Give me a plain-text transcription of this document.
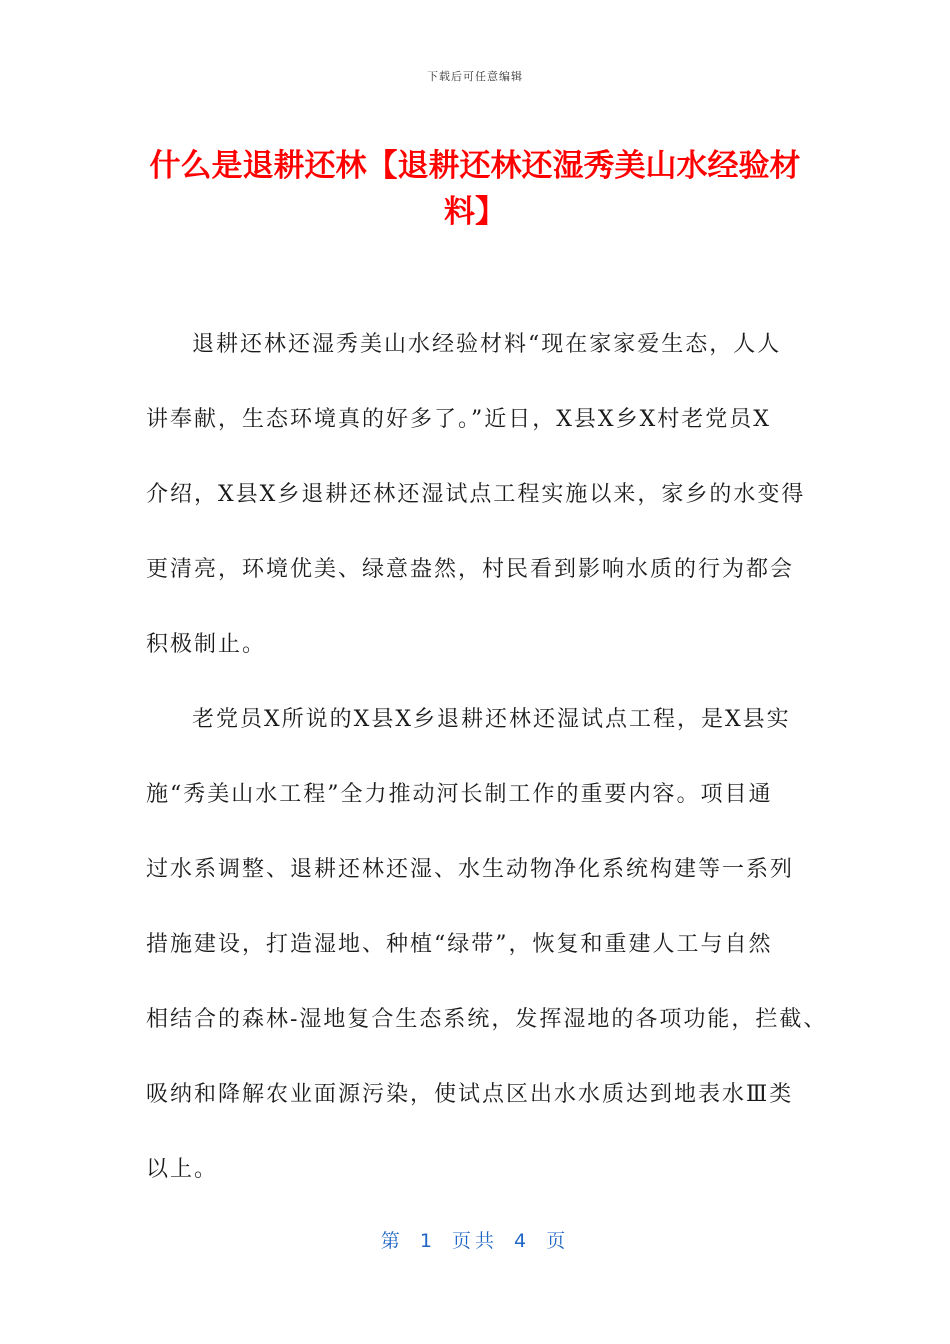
下载后可任意编辑
什么是退耕还林【退耕还林还湿秀美山水经验材料】
退耕还林还湿秀美山水经验材料“现在家家爱生态，人人
讲奉献，生态环境真的好多了。”近日，X县X乡X村老党员X
介绍，X县X乡退耕还林还湿试点工程实施以来，家乡的水变得
更清亮，环境优美、绿意盎然，村民看到影响水质的行为都会
积极制止。
老党员X所说的X县X乡退耕还林还湿试点工程，是X县实
施“秀美山水工程”全力推动河长制工作的重要内容。项目通
过水系调整、退耕还林还湿、水生动物净化系统构建等一系列
措施建设，打造湿地、种植“绿带”，恢复和重建人工与自然
相结合的森林-湿地复合生态系统，发挥湿地的各项功能，拦截、
吸纳和降解农业面源污染，使试点区出水水质达到地表水Ⅲ类
以上。
第 1 页共 4 页
